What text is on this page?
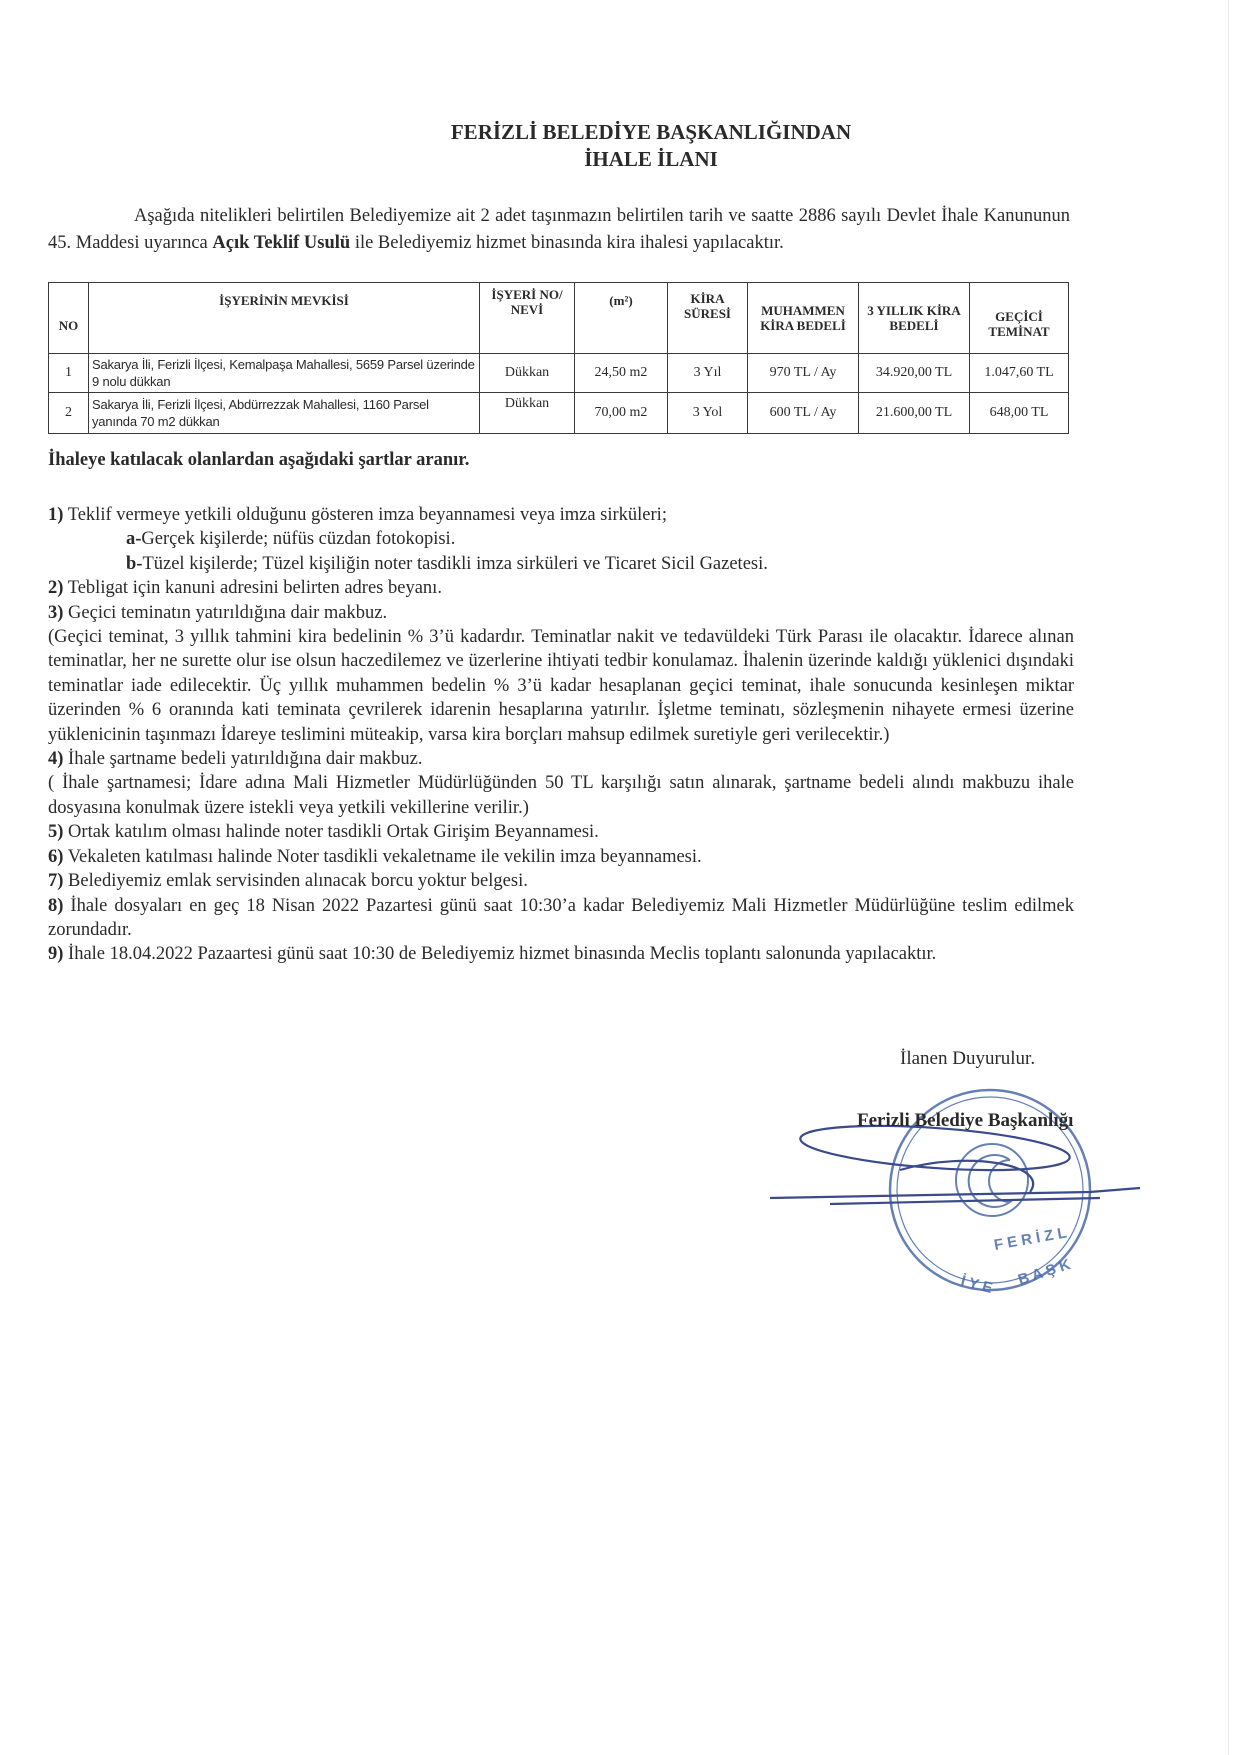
FERİZLİ BELEDİYE BAŞKANLIĞINDAN
İHALE İLANI
Aşağıda nitelikleri belirtilen Belediyemize ait 2 adet taşınmazın belirtilen tarih ve saatte 2886 sayılı Devlet İhale Kanununun 45. Maddesi uyarınca Açık Teklif Usulü ile Belediyemiz hizmet binasında kira ihalesi yapılacaktır.
NO	İŞYERİNİN MEVKİSİ	İŞYERİ NO/ NEVİ	(m²)	KİRA SÜRESİ	MUHAMMEN KİRA BEDELİ	3 YILLIK KİRA BEDELİ	GEÇİCİ TEMİNAT
1	Sakarya İli, Ferizli İlçesi, Kemalpaşa Mahallesi, 5659 Parsel üzerinde 9 nolu dükkan	Dükkan	24,50 m2	3 Yıl	970 TL / Ay	34.920,00 TL	1.047,60 TL
2	Sakarya İli, Ferizli İlçesi, Abdürrezzak Mahallesi, 1160 Parsel yanında 70 m2 dükkan	Dükkan	70,00 m2	3 Yol	600 TL / Ay	21.600,00 TL	648,00 TL
İhaleye katılacak olanlardan aşağıdaki şartlar aranır.

1) Teklif vermeye yetkili olduğunu gösteren imza beyannamesi veya imza sirküleri;

a-Gerçek kişilerde; nüfüs cüzdan fotokopisi.

b-Tüzel kişilerde; Tüzel kişiliğin noter tasdikli imza sirküleri ve Ticaret Sicil Gazetesi.

2) Tebligat için kanuni adresini belirten adres beyanı.

3) Geçici teminatın yatırıldığına dair makbuz.

(Geçici teminat, 3 yıllık tahmini kira bedelinin % 3’ü kadardır. Teminatlar nakit ve tedavüldeki Türk Parası ile olacaktır. İdarece alınan teminatlar, her ne surette olur ise olsun haczedilemez ve üzerlerine ihtiyati tedbir konulamaz. İhalenin üzerinde kaldığı yüklenici dışındaki teminatlar iade edilecektir. Üç yıllık muhammen bedelin % 3’ü kadar hesaplanan geçici teminat, ihale sonucunda kesinleşen miktar üzerinden % 6 oranında kati teminata çevrilerek idarenin hesaplarına yatırılır. İşletme teminatı, sözleşmenin nihayete ermesi üzerine yüklenicinin taşınmazı İdareye teslimini müteakip, varsa kira borçları mahsup edilmek suretiyle geri verilecektir.)

4) İhale şartname bedeli yatırıldığına dair makbuz.

( İhale şartnamesi; İdare adına Mali Hizmetler Müdürlüğünden 50 TL karşılığı satın alınarak, şartname bedeli alındı makbuzu ihale dosyasına konulmak üzere istekli veya yetkili vekillerine verilir.)

5) Ortak katılım olması halinde noter tasdikli Ortak Girişim Beyannamesi.

6) Vekaleten katılması halinde Noter tasdikli vekaletname ile vekilin imza beyannamesi.

7) Belediyemiz emlak servisinden alınacak borcu yoktur belgesi.

8) İhale dosyaları en geç 18 Nisan 2022 Pazartesi günü saat 10:30’a kadar Belediyemiz Mali Hizmetler Müdürlüğüne teslim edilmek zorundadır.

9) İhale 18.04.2022 Pazaartesi günü saat 10:30 de Belediyemiz hizmet binasında Meclis toplantı salonunda yapılacaktır.

İlanen Duyurulur.
F E R İ Z L
İ Y E B A Ş K
Ferizli Belediye Başkanlığı
